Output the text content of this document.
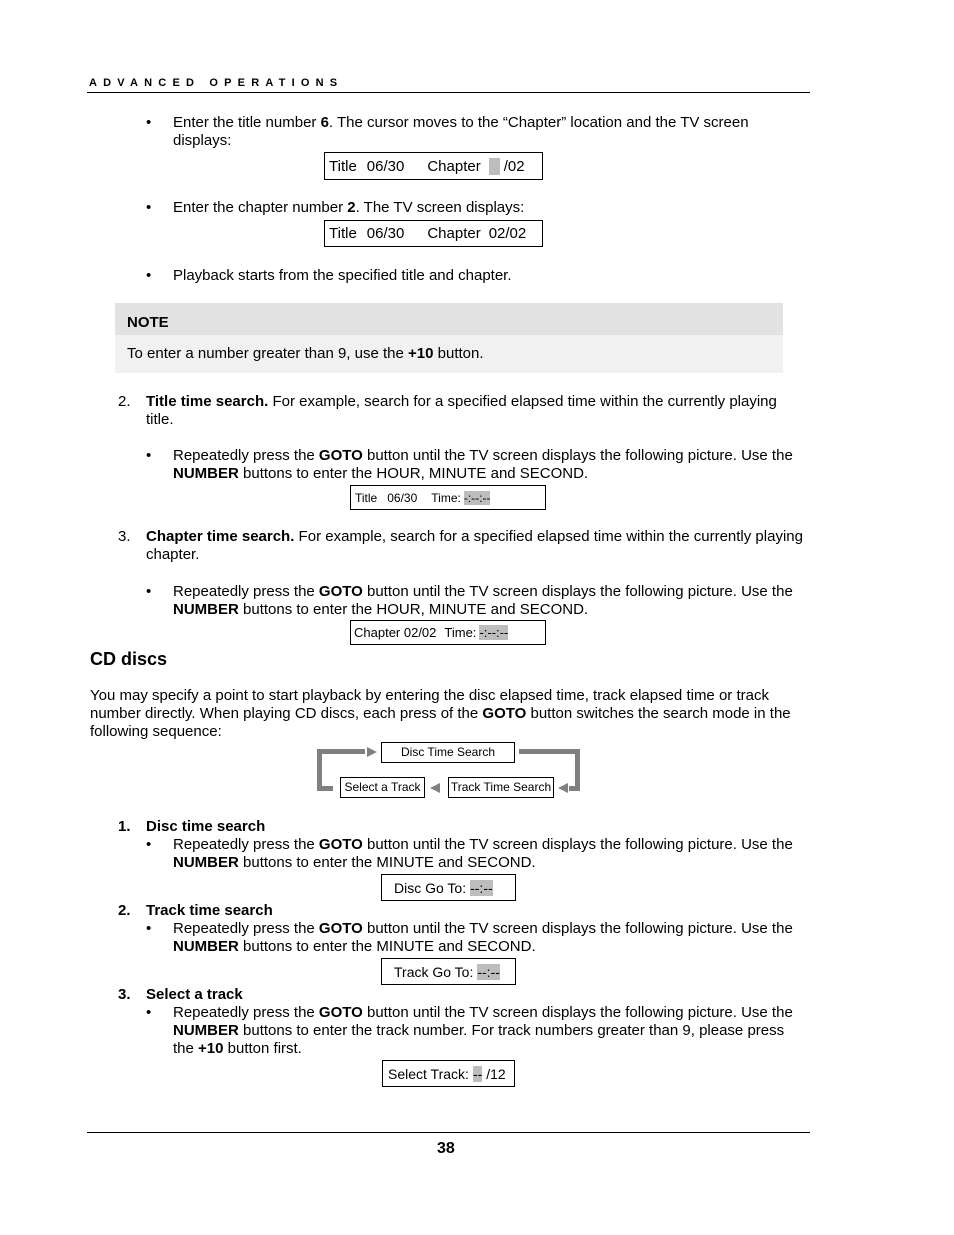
ADVANCED OPERATIONS
• Enter the title number 6. The cursor moves to the “Chapter” location and the TV screen displays:
Title 06/30 Chapter /02
• Enter the chapter number 2. The TV screen displays:
Title 06/30 Chapter 02/02
• Playback starts from the specified title and chapter.
NOTE
To enter a number greater than 9, use the +10 button.
2. Title time search. For example, search for a specified elapsed time within the currently playing title.
• Repeatedly press the GOTO button until the TV screen displays the following picture. Use the NUMBER buttons to enter the HOUR, MINUTE and SECOND.
Title   06/30 Time: -:--:--
3. Chapter time search. For example, search for a specified elapsed time within the currently playing chapter.
• Repeatedly press the GOTO button until the TV screen displays the following picture. Use the NUMBER buttons to enter the HOUR, MINUTE and SECOND.
Chapter 02/02 Time: -:--:--
CD discs
You may specify a point to start playback by entering the disc elapsed time, track elapsed time or track number directly. When playing CD discs, each press of the GOTO button switches the search mode in the following sequence:
Disc Time Search
Select a Track	Track Time Search
1. Disc time search
• Repeatedly press the GOTO button until the TV screen displays the following picture. Use the NUMBER buttons to enter the MINUTE and SECOND.
Disc Go To: --:--
2. Track time search
• Repeatedly press the GOTO button until the TV screen displays the following picture. Use the NUMBER buttons to enter the MINUTE and SECOND.
Track Go To: --:--
3. Select a track
• Repeatedly press the GOTO button until the TV screen displays the following picture. Use the NUMBER buttons to enter the track number. For track numbers greater than 9, please press the +10 button first.
Select Track: -- /12
38
